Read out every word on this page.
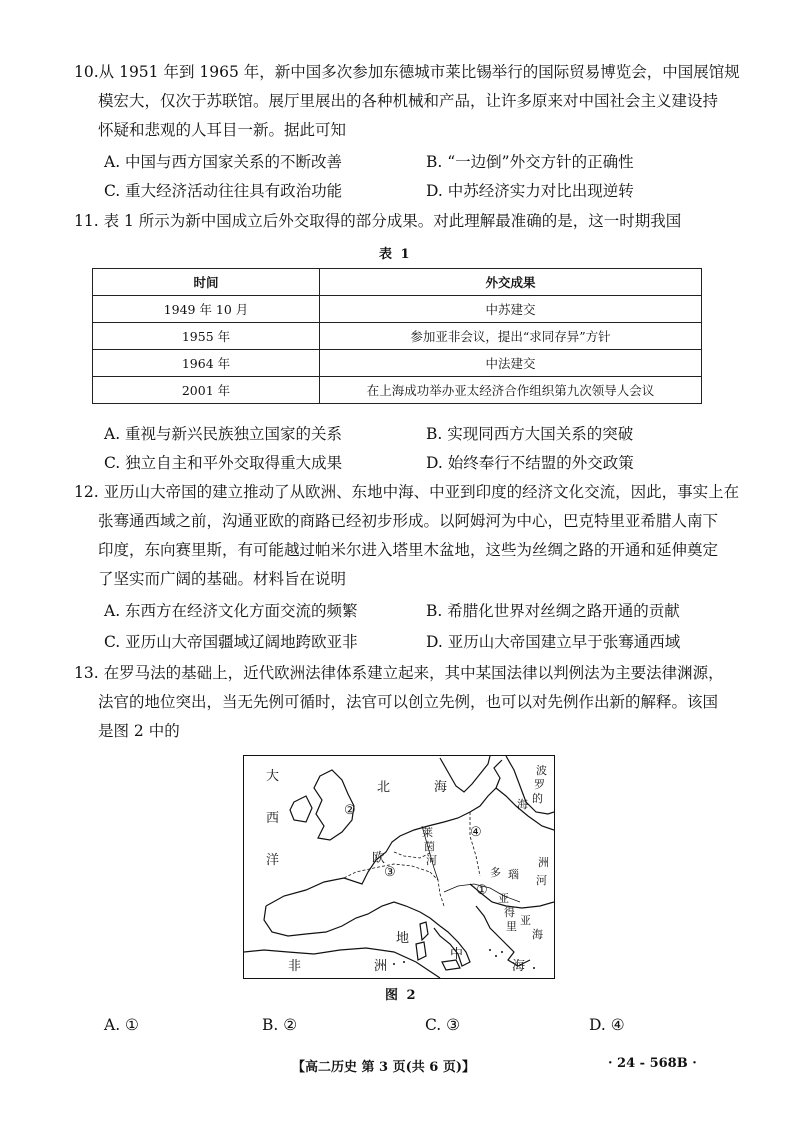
10.从 1951 年到 1965 年，新中国多次参加东德城市莱比锡举行的国际贸易博览会，中国展馆规
模宏大，仅次于苏联馆。展厅里展出的各种机械和产品，让许多原来对中国社会主义建设持
怀疑和悲观的人耳目一新。据此可知
A. 中国与西方国家关系的不断改善	B. “一边倒”外交方针的正确性
C. 重大经济活动往往具有政治功能	D. 中苏经济实力对比出现逆转
11. 表 1 所示为新中国成立后外交取得的部分成果。对此理解最准确的是，这一时期我国
表 1
时间	外交成果
1949 年 10 月	中苏建交
1955 年	参加亚非会议，提出“求同存异”方针
1964 年	中法建交
2001 年	在上海成功举办亚太经济合作组织第九次领导人会议
A. 重视与新兴民族独立国家的关系	B. 实现同西方大国关系的突破
C. 独立自主和平外交取得重大成果	D. 始终奉行不结盟的外交政策
12. 亚历山大帝国的建立推动了从欧洲、东地中海、中亚到印度的经济文化交流，因此，事实上在
张骞通西域之前，沟通亚欧的商路已经初步形成。以阿姆河为中心，巴克特里亚希腊人南下
印度，东向赛里斯，有可能越过帕米尔进入塔里木盆地，这些为丝绸之路的开通和延伸奠定
了坚实而广阔的基础。材料旨在说明
A. 东西方在经济文化方面交流的频繁	B. 希腊化世界对丝绸之路开通的贡献
C. 亚历山大帝国疆域辽阔地跨欧亚非	D. 亚历山大帝国建立早于张骞通西域
13. 在罗马法的基础上，近代欧洲法律体系建立起来，其中某国法律以判例法为主要法律渊源，
法官的地位突出，当无先例可循时，法官可以创立先例，也可以对先例作出新的解释。该国
是图 2 中的
大
西
洋
北	海
波
罗
的
海
莱
茵
河
欧
多 瑙 河
洲
亚
得
里 亚
海
地
中
海
非	洲
①
②
③
④
图 2
A. ①	B. ②	C. ③	D. ④
【高二历史 第 3 页(共 6 页)】	· 24 - 568B ·
